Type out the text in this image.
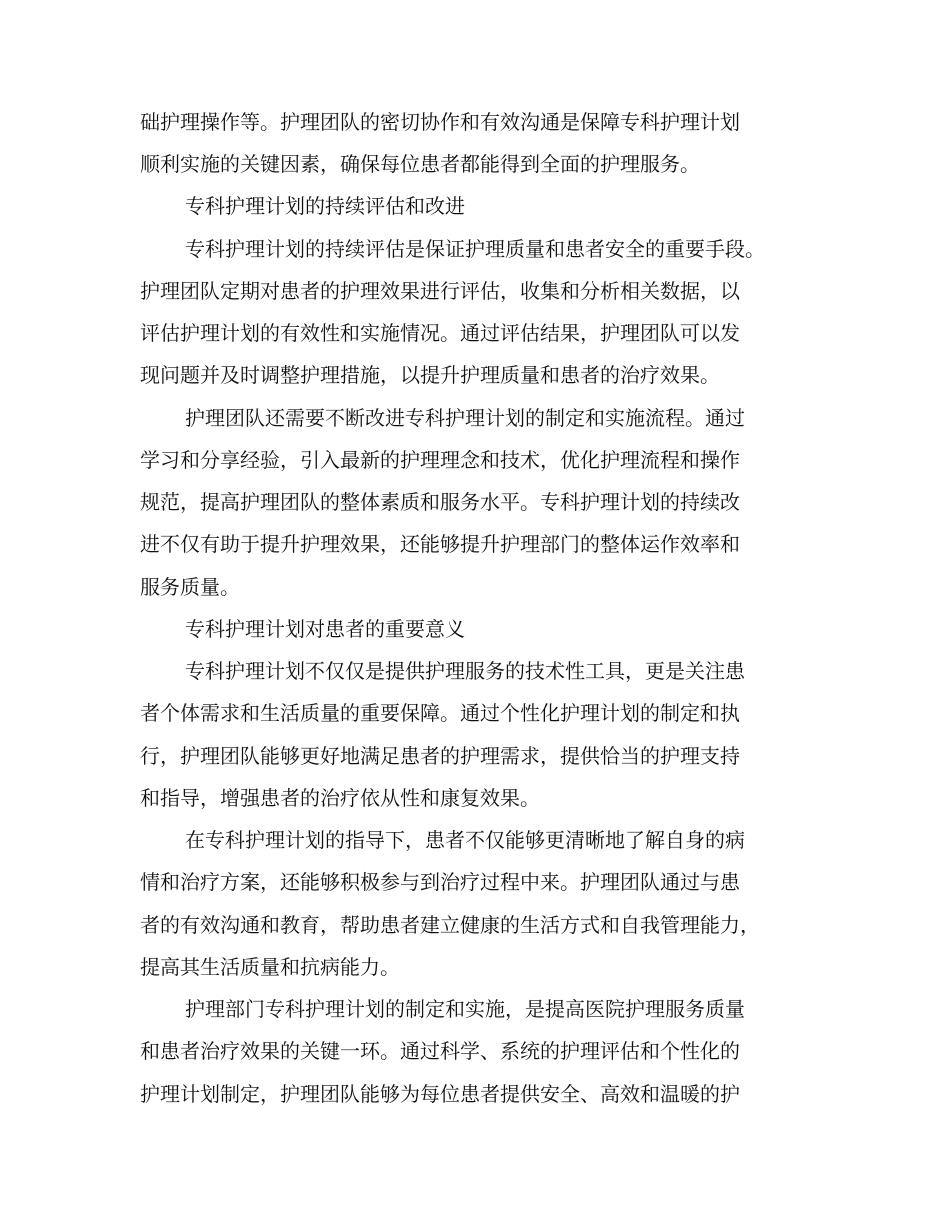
础护理操作等。护理团队的密切协作和有效沟通是保障专科护理计划

顺利实施的关键因素，确保每位患者都能得到全面的护理服务。

专科护理计划的持续评估和改进

专科护理计划的持续评估是保证护理质量和患者安全的重要手段。

护理团队定期对患者的护理效果进行评估，收集和分析相关数据，以

评估护理计划的有效性和实施情况。通过评估结果，护理团队可以发

现问题并及时调整护理措施，以提升护理质量和患者的治疗效果。

护理团队还需要不断改进专科护理计划的制定和实施流程。通过

学习和分享经验，引入最新的护理理念和技术，优化护理流程和操作

规范，提高护理团队的整体素质和服务水平。专科护理计划的持续改

进不仅有助于提升护理效果，还能够提升护理部门的整体运作效率和

服务质量。

专科护理计划对患者的重要意义

专科护理计划不仅仅是提供护理服务的技术性工具，更是关注患

者个体需求和生活质量的重要保障。通过个性化护理计划的制定和执

行，护理团队能够更好地满足患者的护理需求，提供恰当的护理支持

和指导，增强患者的治疗依从性和康复效果。

在专科护理计划的指导下，患者不仅能够更清晰地了解自身的病

情和治疗方案，还能够积极参与到治疗过程中来。护理团队通过与患

者的有效沟通和教育，帮助患者建立健康的生活方式和自我管理能力，

提高其生活质量和抗病能力。

护理部门专科护理计划的制定和实施，是提高医院护理服务质量

和患者治疗效果的关键一环。通过科学、系统的护理评估和个性化的

护理计划制定，护理团队能够为每位患者提供安全、高效和温暖的护
